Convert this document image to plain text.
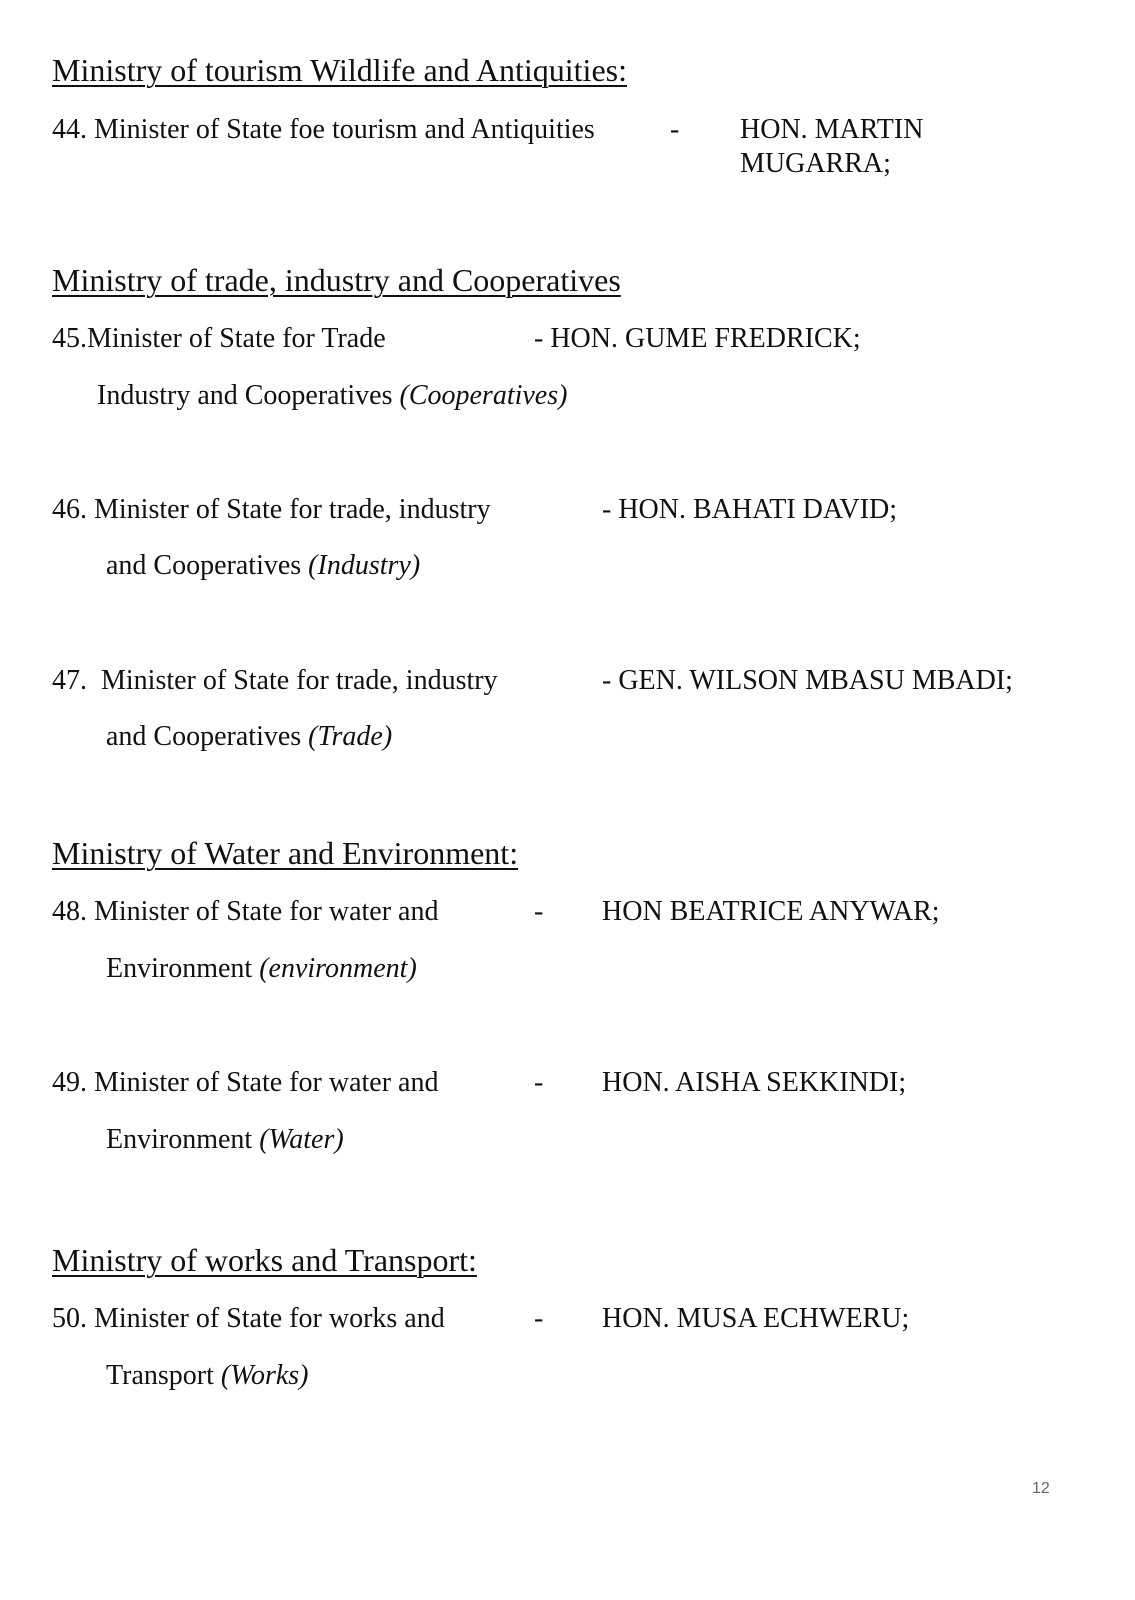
Ministry of tourism Wildlife and Antiquities:
44. Minister of State foe tourism and Antiquities	- HON. MARTIN
MUGARRA;
Ministry of trade, industry and Cooperatives
45.Minister of State for Trade	- HON. GUME FREDRICK;
Industry and Cooperatives (Cooperatives)
46. Minister of State for trade, industry	- HON. BAHATI DAVID;
and Cooperatives (Industry)
47.  Minister of State for trade, industry	- GEN. WILSON MBASU MBADI;
and Cooperatives (Trade)
Ministry of Water and Environment:
48. Minister of State for water and	- HON BEATRICE ANYWAR;
Environment (environment)
49. Minister of State for water and	- HON. AISHA SEKKINDI;
Environment (Water)
Ministry of works and Transport:
50. Minister of State for works and	- HON. MUSA ECHWERU;
Transport (Works)
12
